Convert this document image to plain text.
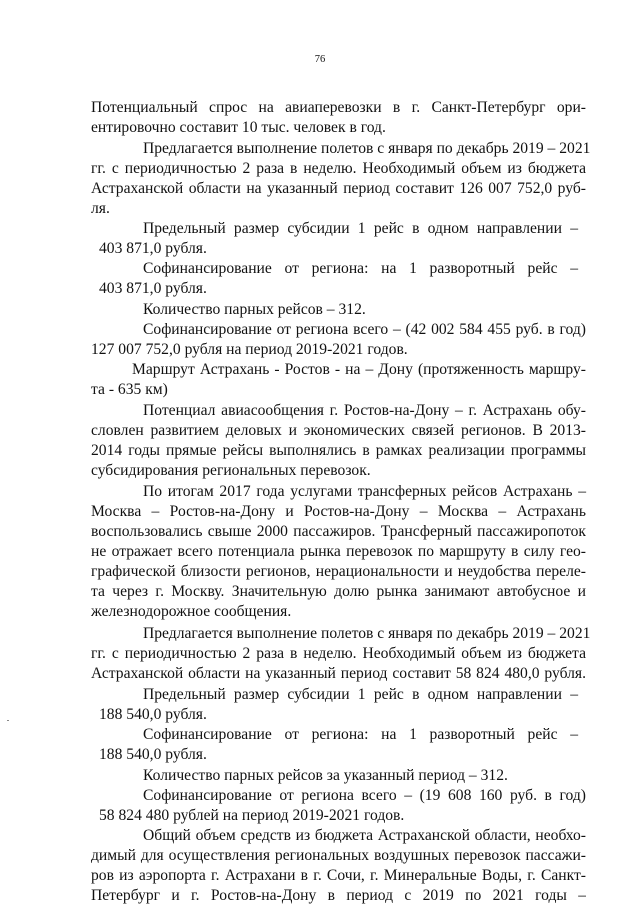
76
Потенциальный спрос на авиаперевозки в г. Санкт-Петербург ори-
ентировочно составит 10 тыс. человек в год.
Предлагается выполнение полетов с января по декабрь 2019 – 2021
гг. с периодичностью 2 раза в неделю. Необходимый объем из бюджета
Астраханской области на указанный период составит 126 007 752,0 руб-
ля.
Предельный размер субсидии 1 рейс в одном направлении –
403 871,0 рубля.
Софинансирование от региона: на 1 разворотный рейс –
403 871,0 рубля.
Количество парных рейсов – 312.
Софинансирование от региона всего – (42 002 584 455 руб. в год)
127 007 752,0 рубля на период 2019-2021 годов.
Маршрут Астрахань - Ростов - на – Дону (протяженность маршру-
та - 635 км)
Потенциал авиасообщения г. Ростов-на-Дону – г. Астрахань обу-
словлен развитием деловых и экономических связей регионов. В 2013-
2014 годы прямые рейсы выполнялись в рамках реализации программы
субсидирования региональных перевозок.
По итогам 2017 года услугами трансферных рейсов Астрахань –
Москва – Ростов-на-Дону и Ростов-на-Дону – Москва – Астрахань
воспользовались свыше 2000 пассажиров. Трансферный пассажиропоток
не отражает всего потенциала рынка перевозок по маршруту в силу гео-
графической близости регионов, нерациональности и неудобства перелe-
та через г. Москву. Значительную долю рынка занимают автобусное и
железнодорожное сообщения.
Предлагается выполнение полетов с января по декабрь 2019 – 2021
гг. с периодичностью 2 раза в неделю. Необходимый объем из бюджета
Астраханской области на указанный период составит 58 824 480,0 рубля.
Предельный размер субсидии 1 рейс в одном направлении –
188 540,0 рубля.
Софинансирование от региона: на 1 разворотный рейс –
188 540,0 рубля.
Количество парных рейсов за указанный период – 312.
Софинансирование от региона всего – (19 608 160 руб. в год)
58 824 480 рублей на период 2019-2021 годов.
Общий объем средств из бюджета Астраханской области, необхо-
димый для осуществления региональных воздушных перевозок пассажи-
ров из аэропорта г. Астрахани в г. Сочи, г. Минеральные Воды, г. Санкт-
Петербург и г. Ростов-на-Дону в период с 2019 по 2021 годы –
